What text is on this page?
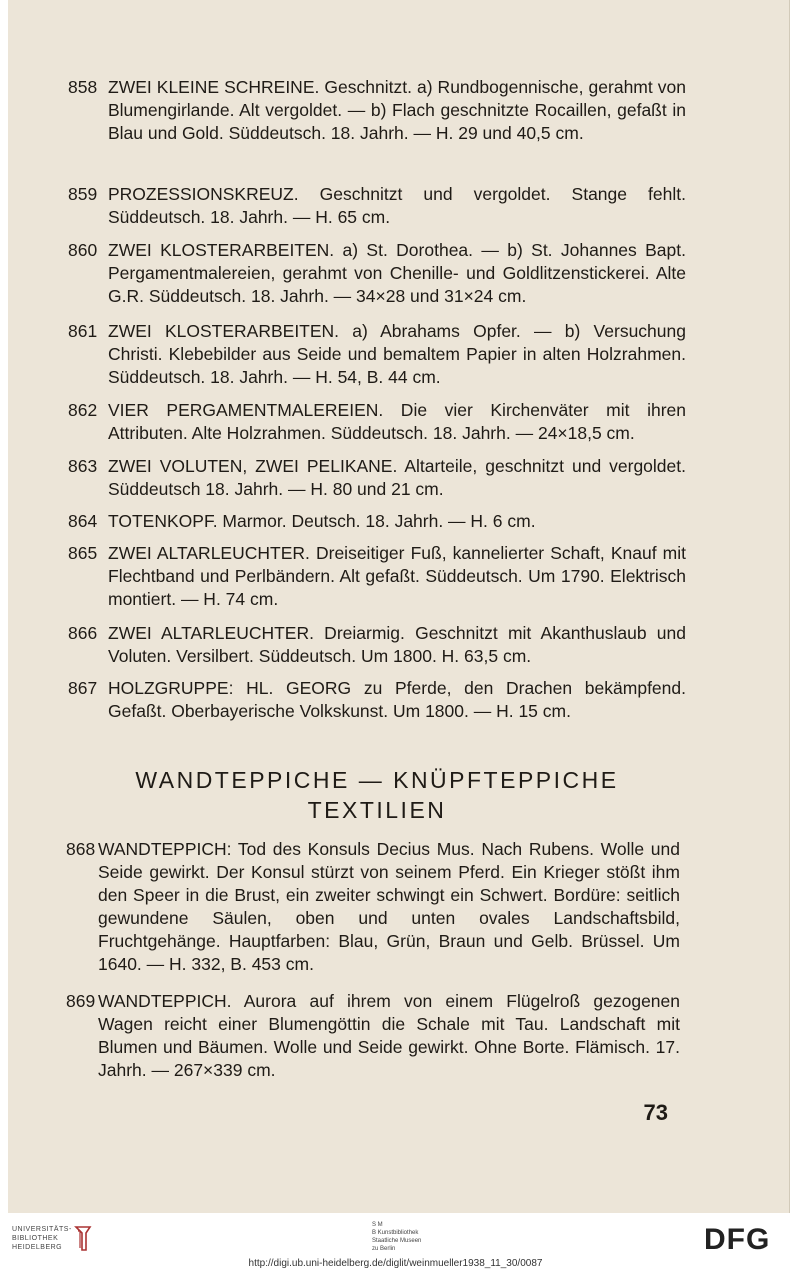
858 ZWEI KLEINE SCHREINE. Geschnitzt. a) Rundbogennische, gerahmt von Blumengirlande. Alt vergoldet. — b) Flach geschnitzte Rocaillen, gefaßt in Blau und Gold. Süddeutsch. 18. Jahrh. — H. 29 und 40,5 cm.
859 PROZESSIONSKREUZ. Geschnitzt und vergoldet. Stange fehlt. Süddeutsch. 18. Jahrh. — H. 65 cm.
860 ZWEI KLOSTERARBEITEN. a) St. Dorothea. — b) St. Johannes Bapt. Pergamentmalereien, gerahmt von Chenille- und Goldlitzenstickerei. Alte G.R. Süddeutsch. 18. Jahrh. — 34×28 und 31×24 cm.
861 ZWEI KLOSTERARBEITEN. a) Abrahams Opfer. — b) Versuchung Christi. Klebebilder aus Seide und bemaltem Papier in alten Holzrahmen. Süddeutsch. 18. Jahrh. — H. 54, B. 44 cm.
862 VIER PERGAMENTMALEREIEN. Die vier Kirchenväter mit ihren Attributen. Alte Holzrahmen. Süddeutsch. 18. Jahrh. — 24×18,5 cm.
863 ZWEI VOLUTEN, ZWEI PELIKANE. Altarteile, geschnitzt und vergoldet. Süddeutsch 18. Jahrh. — H. 80 und 21 cm.
864 TOTENKOPF. Marmor. Deutsch. 18. Jahrh. — H. 6 cm.
865 ZWEI ALTARLEUCHTER. Dreiseitiger Fuß, kannelierter Schaft, Knauf mit Flechtband und Perlbändern. Alt gefaßt. Süddeutsch. Um 1790. Elektrisch montiert. — H. 74 cm.
866 ZWEI ALTARLEUCHTER. Dreiarmig. Geschnitzt mit Akanthuslaub und Voluten. Versilbert. Süddeutsch. Um 1800. H. 63,5 cm.
867 HOLZGRUPPE: HL. GEORG zu Pferde, den Drachen bekämpfend. Gefaßt. Oberbayerische Volkskunst. Um 1800. — H. 15 cm.
WANDTEPPICHE — KNÜPFTEPPICHE
TEXTILIEN
868 WANDTEPPICH: Tod des Konsuls Decius Mus. Nach Rubens. Wolle und Seide gewirkt. Der Konsul stürzt von seinem Pferd. Ein Krieger stößt ihm den Speer in die Brust, ein zweiter schwingt ein Schwert. Bordüre: seitlich gewundene Säulen, oben und unten ovales Landschaftsbild, Fruchtgehänge. Hauptfarben: Blau, Grün, Braun und Gelb. Brüssel. Um 1640. — H. 332, B. 453 cm.
869 WANDTEPPICH. Aurora auf ihrem von einem Flügelroß gezogenen Wagen reicht einer Blumengöttin die Schale mit Tau. Landschaft mit Blumen und Bäumen. Wolle und Seide gewirkt. Ohne Borte. Flämisch. 17. Jahrh. — 267×339 cm.
73
UNIVERSITÄTS-
BIBLIOTHEK
HEIDELBERG
S M
B Kunstbibliothek
Staatliche Museen
zu Berlin	DFG
http://digi.ub.uni-heidelberg.de/diglit/weinmueller1938_11_30/0087
